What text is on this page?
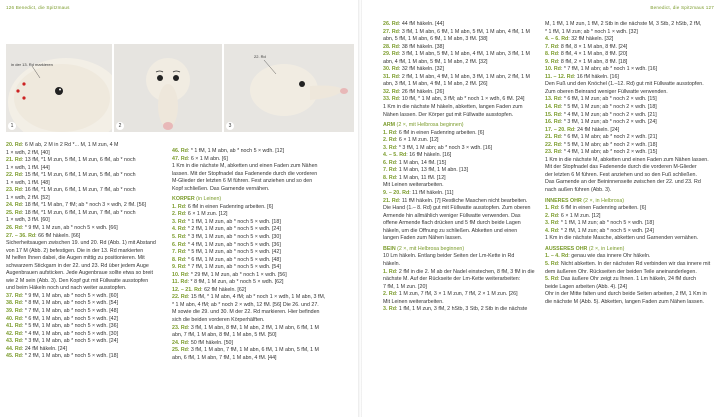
126 Benedict, die Spitzmaus	Benedict, die Spitzmaus 127
in der 13. Rd markieren
1	2
22. Rd
3

20. Rd: 6 M ab, 2 M in 2 Rd *... M, 1 M zun, 4 M

1 × wdh, 2 fM, [40]

21. Rd: 13 fM, *1 M zun, 5 fM, 1 M zun, 6 fM, ab * noch

1 × wdh, 1 fM. [44]

22. Rd: 15 fM, *1 M zun, 6 fM, 1 M zun, 5 fM, ab * noch

1 × wdh, 1 fM. [48]

23. Rd: 16 fM, *1 M zun, 6 fM, 1 M zun, 7 fM, ab * noch

1 × wdh, 2 fM. [52]

24. Rd: 18 fM, *1 M abn, 7 fM; ab * noch 3 × wdh, 2 fM. [56]

25. Rd: 18 fM, *1 M zun, 6 fM, 1 M zun, 7 fM, ab * noch

1 × wdh, 3 fM. [60]

26. Rd: * 9 fM, 1 M zun, ab * noch 5 × wdh. [66]

27. – 36. Rd: 66 fM häkeln. [66]

Sicherheitsaugen zwischen 19. und 20. Rd (Abb. 1) mit Abstand

von 17 M (Abb. 2) befestigen. Die in der 13. Rd markierten

M helfen Ihnen dabei, die Augen mittig zu positionieren. Mit

schwarzem Stickgarn in der 22. und 23. Rd über jedem Auge

Augenbrauen aufsticken. Jede Augenbraue sollte etwa so breit

wie 2 M sein (Abb. 3). Den Kopf gut mit Füllwatte ausstopfen

und beim Häkeln noch und nach weiter ausstopfen.

37. Rd: * 9 fM, 1 M abn, ab * noch 5 × wdh. [60]

38. Rd: * 8 fM, 1 M abn, ab * noch 5 × wdh. [54]

39. Rd: * 7 fM, 1 M abn, ab * noch 5 × wdh. [48]

40. Rd: * 6 fM, 1 M abn, ab * noch 5 × wdh. [42]

41. Rd: * 5 fM, 1 M abn, ab * noch 5 × wdh. [36]

42. Rd: * 4 fM, 1 M abn, ab * noch 5 × wdh. [30]

43. Rd: * 3 fM, 1 M abn, ab * noch 5 × wdh. [24]

44. Rd: 24 fM häkeln. [24]

45. Rd: * 2 fM, 1 M abn, ab * noch 5 × wdh. [18]

46. Rd: * 1 fM, 1 M abn, ab * noch 5 × wdh. [12]

47. Rd: 6 × 1 M abn. [6]

1 Km in die nächste M, abketten und einen Faden zum Nähen

lassen. Mit der Stopfnadel das Fadenende durch die vorderen

M-Glieder der letzten 6 M führen. Fest anziehen und so den

Kopf schließen. Das Garnende vernähen.

KÖRPER (in Leinen)

1. Rd: 6 fM in einen Fadenring arbeiten. [6]

2. Rd: 6 × 1 M zun. [12]

3. Rd: * 1 fM, 1 M zun, ab * noch 5 × wdh. [18]

4. Rd: * 2 fM, 1 M zun, ab * noch 5 × wdh. [24]

5. Rd: * 3 fM, 1 M zun, ab * noch 5 × wdh. [30]

6. Rd: * 4 fM, 1 M zun, ab * noch 5 × wdh. [36]

7. Rd: * 5 fM, 1 M zun, ab * noch 5 × wdh. [42]

8. Rd: * 6 fM, 1 M zun, ab * noch 5 × wdh. [48]

9. Rd: * 7 fM, 1 M zun, ab * noch 5 × wdh. [54]

10. Rd: * 29 fM, 1 M zun, ab * noch 1 × wdh. [56]

11. Rd: * 8 fM, 1 M zun, ab * noch 5 × wdh. [62]

12. – 21. Rd: 62 fM häkeln. [62]

22. Rd: 15 fM, * 1 M abn, 4 fM; ab * noch 1 × wdh, 1 M abn, 3 fM,

* 1 M abn, 4 fM; ab * noch 2 × wdh, 12 fM. [56] Die 26. und 27.

M sowie die 29. und 30. M der 22. Rd markieren. Hier befinden

sich die beiden vorderen Körperhälften.

23. Rd: 3 fM, 1 M abn, 8 fM, 1 M abn, 2 fM, 1 M abn, 6 fM, 1 M

abn, 7 fM, 1 M abn, 8 fM, 1 M abn, 5 fM. [50]

24. Rd: 50 fM häkeln. [50]

25. Rd: 3 fM, 1 M abn, 7 fM, 1 M abn, 6 fM, 1 M abn, 5 fM, 1 M

abn, 6 fM, 1 M abn, 7 fM, 1 M abn, 4 fM. [44]

26. Rd: 44 fM häkeln. [44]

27. Rd: 3 fM, 1 M abn, 6 fM, 1 M abn, 5 fM, 1 M abn, 4 fM, 1 M

abn, 5 fM, 1 M abn, 6 fM, 1 M abn, 3 fM. [38]

28. Rd: 38 fM häkeln. [38]

29. Rd: 3 fM, 1 M abn, 5 fM, 1 M abn, 4 fM, 1 M abn, 3 fM, 1 M

abn, 4 fM, 1 M abn, 5 fM, 1 M abn, 2 fM. [32]

30. Rd: 32 fM häkeln. [32]

31. Rd: 2 fM, 1 M abn, 4 fM, 1 M abn, 3 fM, 1 M abn, 2 fM, 1 M

abn, 3 fM, 1 M abn, 4 fM, 1 M abn, 2 fM. [26]

32. Rd: 26 fM häkeln. [26]

33. Rd: 10 fM, * 1 M abn, 3 fM; ab * noch 1 × wdh, 6 fM. [24]

1 Km in die nächste M häkeln, abketten, langen Faden zum

Nähen lassen. Der Körper gut mit Füllwatte ausstopfen.

ARM (2 ×, mit Helbrosa beginnen)

1. Rd: 6 fM in einen Fadenring arbeiten. [6]

2. Rd: 6 × 1 M zun. [12]

3. Rd: * 3 fM, 1 M abn; ab * noch 3 × wdh. [16]

4. – 5. Rd: 16 fM häkeln. [16]

6. Rd: 1 M abn, 14 fM. [15]

7. Rd: 1 M abn, 13 fM, 1 M abn. [13]

8. Rd: 1 M abn, 11 fM. [12]

Mit Leinen weiterarbeiten.

9. – 20. Rd: 11 fM häkeln. [11]

21. Rd: 11 fM häkeln. [7] Restliche Maschen nicht bearbeiten.

Die Hand (1.– 8. Rd) gut mit Füllwatte ausstopfen. Zum oberen

Armende hin allmählich weniger Füllwatte verwenden. Das

offene Armende flach drücken und 5 fM durch beide Lagen

häkeln, um die Öffnung zu schließen. Abketten und einen

langen Faden zum Nähen lassen.

BEIN (2 ×, mit Helbrosa beginnen)

10 Lm häkeln. Entlang beider Seiten der Lm-Kette in Rd

häkeln.

1. Rd: 2 fM in die 2. M ab der Nadel einstechen, 8 fM, 3 fM in die

nächste M. Auf der Rückseite der Lm-Kette weiterarbeiten:

7 fM, 1 M zun. [20]

2. Rd: 1 M zun, 7 fM, 3 × 1 M zun, 7 fM, 2 × 1 M zun. [26]

Mit Leinen weiterarbeiten.

3. Rd: 1 fM, 1 M zun, 3 fM, 2 hStb, 3 Stb, 2 Stb in die nächste

M, 1 fM, 1 M zun, 1 fM, 2 Stb in die nächste M, 3 Stb, 2 hStb, 2 fM,

* 1 fM, 1 M zun; ab * noch 1 × wdh. [32]

4. – 6. Rd: 32 fM häkeln. [32]

7. Rd: 8 fM, 8 × 1 M abn, 8 fM. [24]

8. Rd: 8 fM, 4 × 1 M abn, 8 fM. [20]

9. Rd: 8 fM, 2 × 1 M abn, 8 fM. [18]

10. Rd: * 7 fM, 1 M abn; ab * noch 1 × wdh. [16]

11. – 12. Rd: 16 fM häkeln. [16]

Den Fuß und den Knöchel (1.–12. Rd) gut mit Füllwatte ausstopfen.

Zum oberen Beinrand weniger Füllwatte verwenden.

13. Rd: * 6 fM, 1 M zun; ab * noch 2 × wdh. [15]

14. Rd: * 5 fM, 1 M zun; ab * noch 2 × wdh. [18]

15. Rd: * 4 fM, 1 M zun; ab * noch 2 × wdh. [21]

16. Rd: * 3 fM, 1 M zun; ab * noch 2 × wdh. [24]

17. – 20. Rd: 24 fM häkeln. [24]

21. Rd: * 6 fM, 1 M abn; ab * noch 2 × wdh. [21]

22. Rd: * 5 fM, 1 M abn; ab * noch 2 × wdh. [18]

23. Rd: * 4 fM, 1 M abn; ab * noch 2 × wdh. [15]

1 Km in die nächste M, abketten und einen Faden zum Nähen lassen.

Mit der Stopfnadel das Fadenende durch die vorderen M-Glieder

der letzten 6 M führen. Fest anziehen und so den Fuß schließen.

Das Garnende an der Beininnenseite zwischen der 22. und 23. Rd

nach außen führen (Abb. 3).

INNERES OHR (2 ×, in Helbrosa)

1. Rd: 6 fM in einen Fadenring arbeiten. [6]

2. Rd: 6 × 1 M zun. [12]

3. Rd: * 1 fM, 1 M zun; ab * noch 5 × wdh. [18]

4. Rd: * 2 fM, 1 M zun; ab * noch 5 × wdh. [24]

1 Km in die nächste Masche, abketten und Garnenden vernähen.

ÄUSSERES OHR (2 ×, in Leinen)

1. – 4. Rd: genau wie das innere Ohr häkeln.

5. Rd: Nicht abketten. In der nächsten Rd verbinden wir das innere mit

dem äußeren Ohr. Rückseiten der beiden Teile aneinanderlegen.

5. Rd: Das äußere Ohr zeigt zu Ihnen. 1 Lm häkeln, 24 fM durch

beide Lagen arbeiten (Abb. 4). [24]

Ohr in der Mitte falten und durch beide Seiten arbeiten, 2 fM, 1 Km in

die nächste M (Abb. 5). Abketten, langen Faden zum Nähen lassen.
